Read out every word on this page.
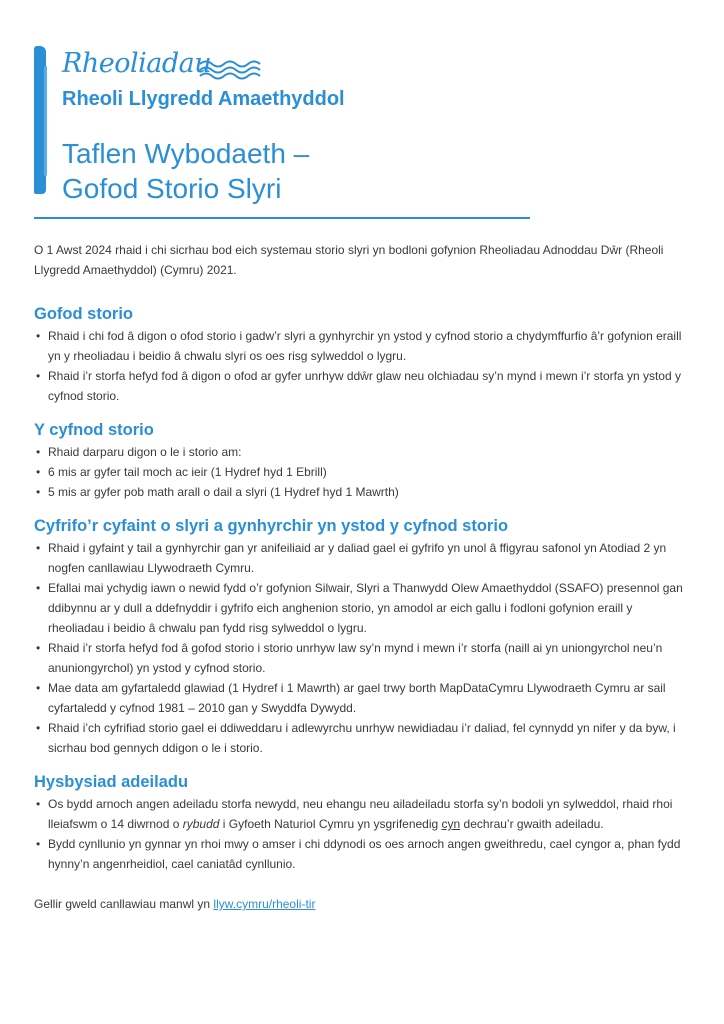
Rheoliadau
Rheoli Llygredd Amaethyddol
Taflen Wybodaeth –
Gofod Storio Slyri

O 1 Awst 2024 rhaid i chi sicrhau bod eich systemau storio slyri yn bodloni gofynion Rheoliadau Adnoddau Dŵr (Rheoli Llygredd Amaethyddol) (Cymru) 2021.

Gofod storio
• Rhaid i chi fod â digon o ofod storio i gadw’r slyri a gynhyrchir yn ystod y cyfnod storio a chydymffurfio â’r gofynion eraill yn y rheoliadau i beidio â chwalu slyri os oes risg sylweddol o lygru.
• Rhaid i’r storfa hefyd fod â digon o ofod ar gyfer unrhyw ddŵr glaw neu olchiadau sy’n mynd i mewn i’r storfa yn ystod y cyfnod storio.
Y cyfnod storio
• Rhaid darparu digon o le i storio am:
• 6 mis ar gyfer tail moch ac ieir (1 Hydref hyd 1 Ebrill)
• 5 mis ar gyfer pob math arall o dail a slyri (1 Hydref hyd 1 Mawrth)
Cyfrifo’r cyfaint o slyri a gynhyrchir yn ystod y cyfnod storio
• Rhaid i gyfaint y tail a gynhyrchir gan yr anifeiliaid ar y daliad gael ei gyfrifo yn unol â ffigyrau safonol yn Atodiad 2 yn nogfen canllawiau Llywodraeth Cymru.
• Efallai mai ychydig iawn o newid fydd o’r gofynion Silwair, Slyri a Thanwydd Olew Amaethyddol (SSAFO) presennol gan ddibynnu ar y dull a ddefnyddir i gyfrifo eich anghenion storio, yn amodol ar eich gallu i fodloni gofynion eraill y rheoliadau i beidio â chwalu pan fydd risg sylweddol o lygru.
• Rhaid i’r storfa hefyd fod â gofod storio i storio unrhyw law sy’n mynd i mewn i’r storfa (naill ai yn uniongyrchol neu’n anuniongyrchol) yn ystod y cyfnod storio.
• Mae data am gyfartaledd glawiad (1 Hydref i 1 Mawrth) ar gael trwy borth MapDataCymru Llywodraeth Cymru ar sail cyfartaledd y cyfnod 1981 – 2010 gan y Swyddfa Dywydd.
• Rhaid i’ch cyfrifiad storio gael ei ddiweddaru i adlewyrchu unrhyw newidiadau i’r daliad, fel cynnydd yn nifer y da byw, i sicrhau bod gennych ddigon o le i storio.
Hysbysiad adeiladu
• Os bydd arnoch angen adeiladu storfa newydd, neu ehangu neu ailadeiladu storfa sy’n bodoli yn sylweddol, rhaid rhoi lleiafswm o 14 diwrnod o rybudd i Gyfoeth Naturiol Cymru yn ysgrifenedig cyn dechrau’r gwaith adeiladu.
• Bydd cynllunio yn gynnar yn rhoi mwy o amser i chi ddynodi os oes arnoch angen gweithredu, cael cyngor a, phan fydd hynny’n angenrheidiol, cael caniatâd cynllunio.

Gellir gweld canllawiau manwl yn llyw.cymru/rheoli-tir
